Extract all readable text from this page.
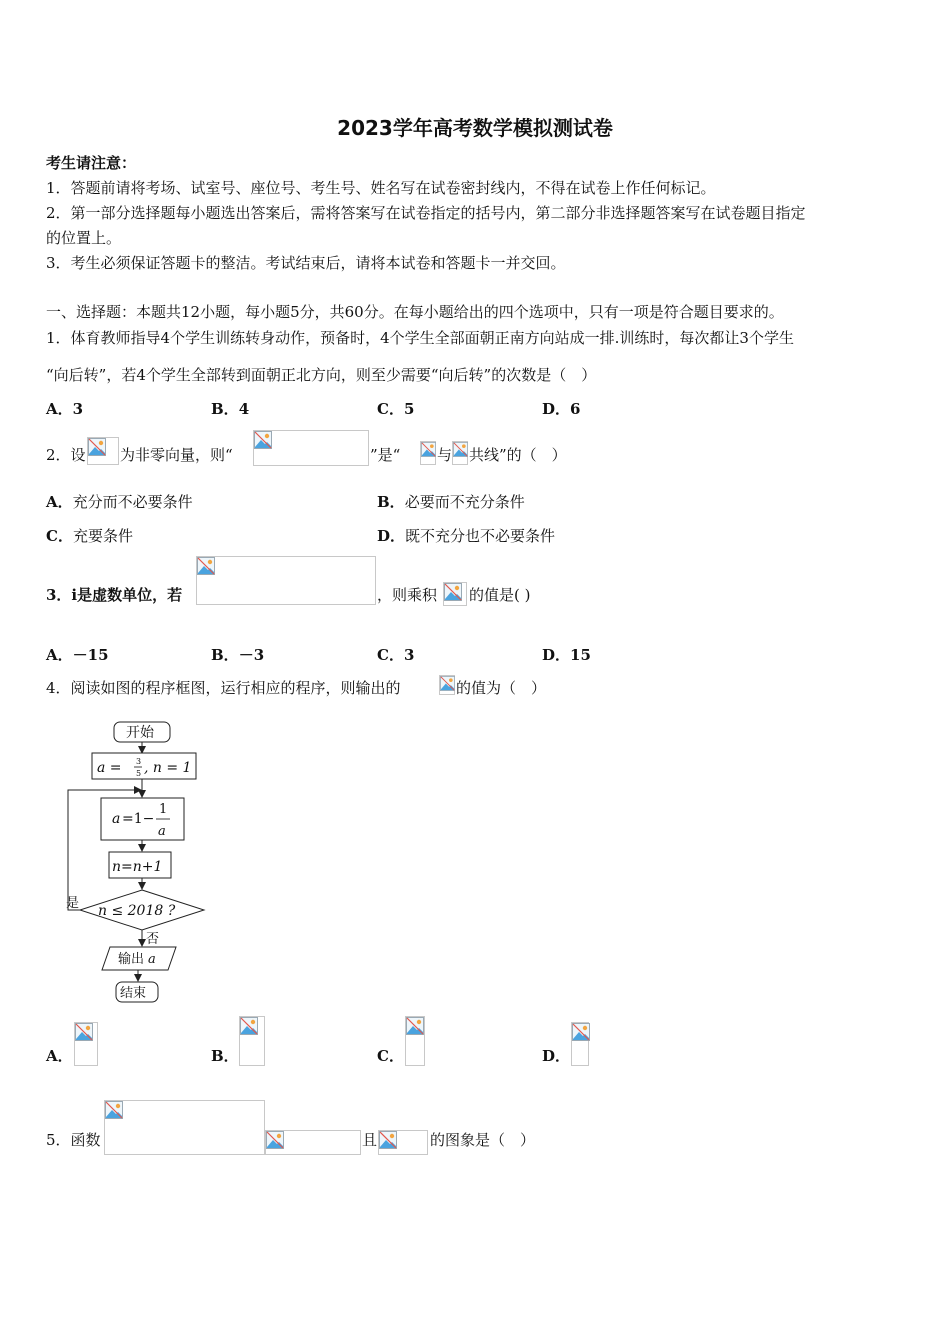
2023学年高考数学模拟测试卷
考生请注意：
1．答题前请将考场、试室号、座位号、考生号、姓名写在试卷密封线内，不得在试卷上作任何标记。
2．第一部分选择题每小题选出答案后，需将答案写在试卷指定的括号内，第二部分非选择题答案写在试卷题目指定
的位置上。
3．考生必须保证答题卡的整洁。考试结束后，请将本试卷和答题卡一并交回。
一、选择题：本题共12小题，每小题5分，共60分。在每小题给出的四个选项中，只有一项是符合题目要求的。
1．体育教师指导4个学生训练转身动作，预备时，4个学生全部面朝正南方向站成一排.训练时，每次都让3个学生
“向后转”，若4个学生全部转到面朝正北方向，则至少需要“向后转”的次数是（　）
A．3	B．4	C．5	D．6
2．设 为非零向量，则“	”是“ 与 共线”的（　）
A．充分而不必要条件	B．必要而不充分条件
C．充要条件	D．既不充分也不必要条件
3．i是虚数单位，若	，则乘积 的值是( )
A．－15	B．－3	C．3	D．15
4．阅读如图的程序框图，运行相应的程序，则输出的	的值为（　）
开始
a = 3
5 , n = 1
a =1−
1
a
n=n+1
n ≤ 2018 ?
是
否
输出 a
结束
A．	B．	C．	D．
5．函数	且	的图象是（　）
